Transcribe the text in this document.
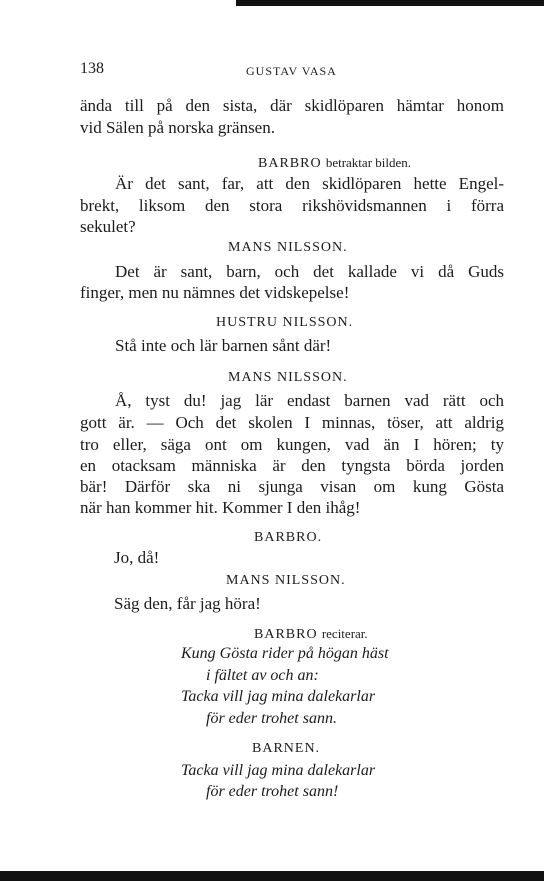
138	GUSTAV VASA
ända till på den sista, där skidlöparen hämtar honom
vid Sälen på norska gränsen.
BARBRO betraktar bilden.
Är det sant, far, att den skidlöparen hette Engel-
brekt, liksom den stora rikshövidsmannen i förra
sekulet?
MANS NILSSON.
Det är sant, barn, och det kallade vi då Guds
finger, men nu nämnes det vidskepelse!
HUSTRU NILSSON.
Stå inte och lär barnen sånt där!
MANS NILSSON.
Å, tyst du! jag lär endast barnen vad rätt och
gott är. — Och det skolen I minnas, töser, att aldrig
tro eller, säga ont om kungen, vad än I hören; ty
en otacksam människa är den tyngsta börda jorden
bär! Därför ska ni sjunga visan om kung Gösta
när han kommer hit. Kommer I den ihåg!
BARBRO.
Jo, då!
MANS NILSSON.
Säg den, får jag höra!
BARBRO reciterar.
Kung Gösta rider på högan häst
i fältet av och an:
Tacka vill jag mina dalekarlar
för eder trohet sann.
BARNEN.
Tacka vill jag mina dalekarlar
för eder trohet sann!
